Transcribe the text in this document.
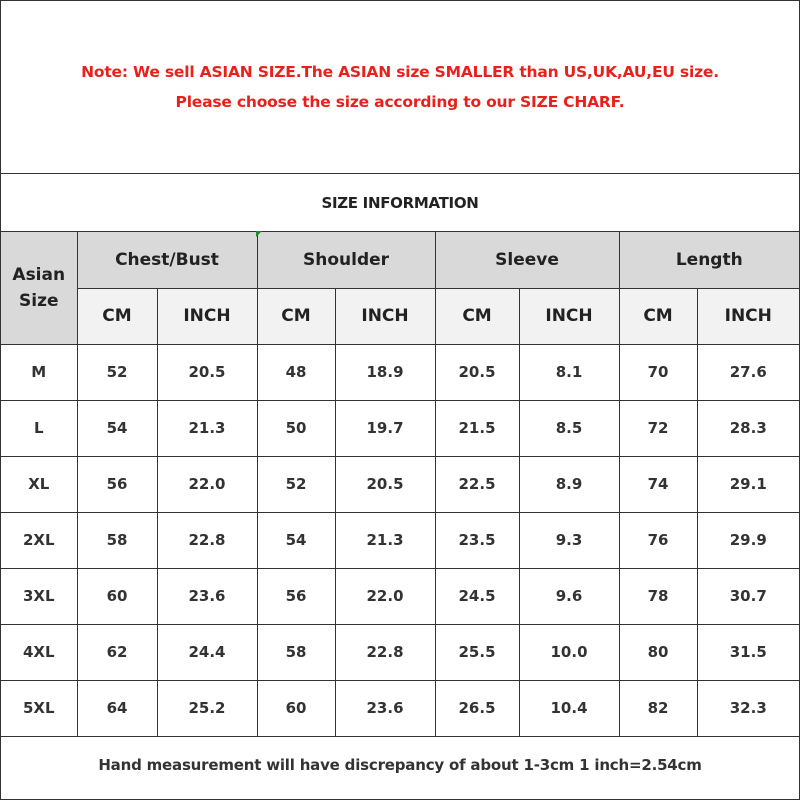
Note: We sell ASIAN SIZE.The ASIAN size SMALLER than US,UK,AU,EU size.
Please choose the size according to our SIZE CHARF.
SIZE INFORMATION
Asian
Size	Chest/Bust		Shoulder		Sleeve		Length	
	CM	INCH	CM	INCH	CM	INCH	CM	INCH
M	52	20.5	48	18.9	20.5	8.1	70	27.6
L	54	21.3	50	19.7	21.5	8.5	72	28.3
XL	56	22.0	52	20.5	22.5	8.9	74	29.1
2XL	58	22.8	54	21.3	23.5	9.3	76	29.9
3XL	60	23.6	56	22.0	24.5	9.6	78	30.7
4XL	62	24.4	58	22.8	25.5	10.0	80	31.5
5XL	64	25.2	60	23.6	26.5	10.4	82	32.3
Hand measurement will have discrepancy of about 1-3cm 1 inch=2.54cm
